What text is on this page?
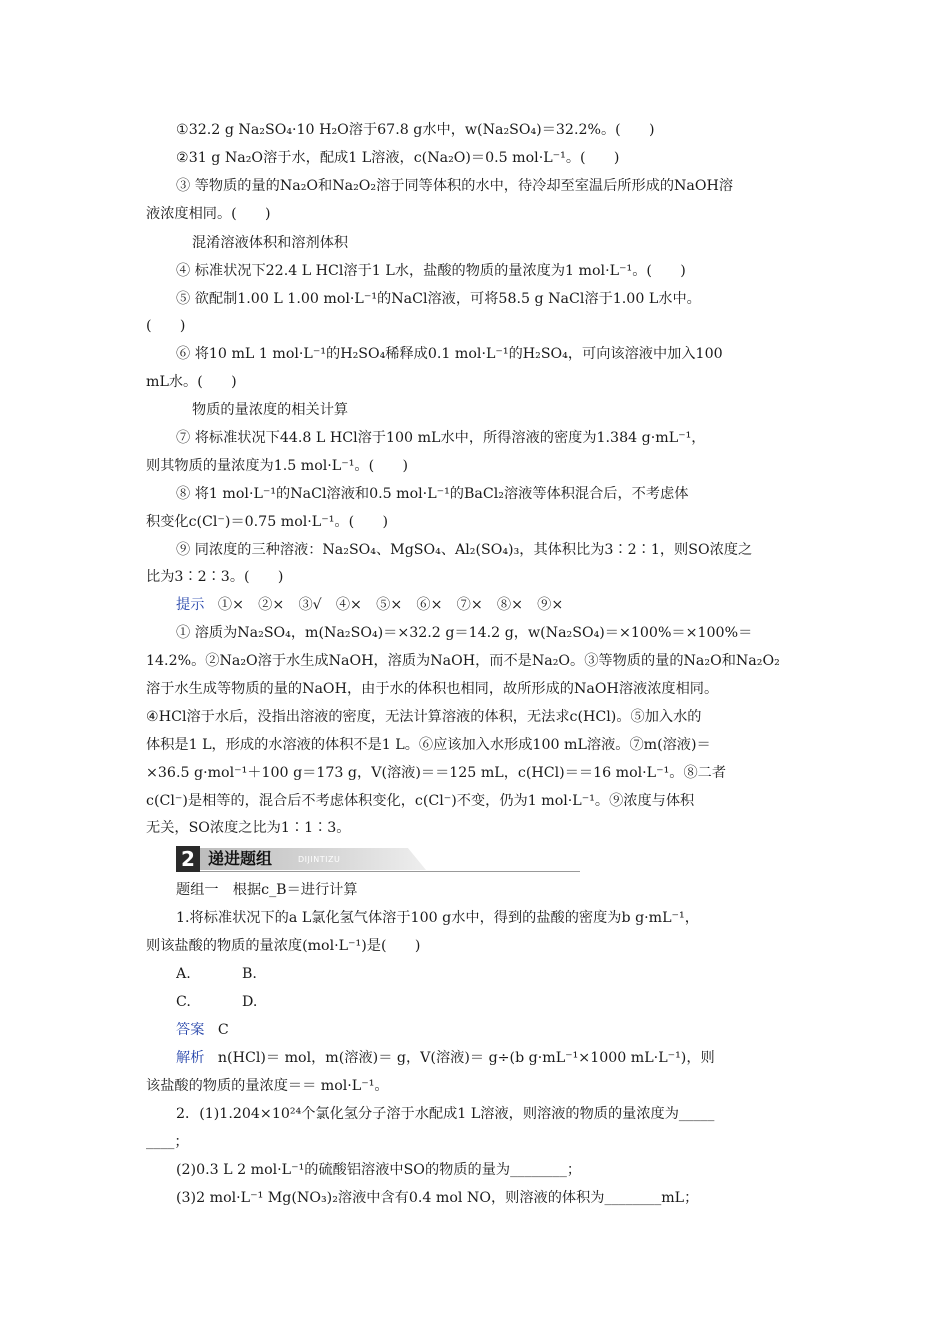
①32.2 g Na₂SO₄·10 H₂O溶于67.8 g水中，w(Na₂SO₄)＝32.2%。(　　)
②31 g Na₂O溶于水，配成1 L溶液，c(Na₂O)＝0.5 mol·L⁻¹。(　　)
③ 等物质的量的Na₂O和Na₂O₂溶于同等体积的水中，待冷却至室温后所形成的NaOH溶
液浓度相同。(　　)
混淆溶液体积和溶剂体积
④ 标准状况下22.4 L HCl溶于1 L水，盐酸的物质的量浓度为1 mol·L⁻¹。(　　)
⑤ 欲配制1.00 L 1.00 mol·L⁻¹的NaCl溶液，可将58.5 g NaCl溶于1.00 L水中。
(　　)
⑥ 将10 mL 1 mol·L⁻¹的H₂SO₄稀释成0.1 mol·L⁻¹的H₂SO₄，可向该溶液中加入100
mL水。(　　)
物质的量浓度的相关计算
⑦ 将标准状况下44.8 L HCl溶于100 mL水中，所得溶液的密度为1.384 g·mL⁻¹，
则其物质的量浓度为1.5 mol·L⁻¹。(　　)
⑧ 将1 mol·L⁻¹的NaCl溶液和0.5 mol·L⁻¹的BaCl₂溶液等体积混合后，不考虑体
积变化c(Cl⁻)＝0.75 mol·L⁻¹。(　　)
⑨ 同浓度的三种溶液：Na₂SO₄、MgSO₄、Al₂(SO₄)₃，其体积比为3∶2∶1，则SO浓度之
比为3∶2∶3。(　　)
提示 ①×　②×　③√　④×　⑤×　⑥×　⑦×　⑧×　⑨×
① 溶质为Na₂SO₄，m(Na₂SO₄)＝×32.2 g＝14.2 g，w(Na₂SO₄)＝×100%＝×100%＝
14.2%。②Na₂O溶于水生成NaOH，溶质为NaOH，而不是Na₂O。③等物质的量的Na₂O和Na₂O₂
溶于水生成等物质的量的NaOH，由于水的体积也相同，故所形成的NaOH溶液浓度相同。
④HCl溶于水后，没指出溶液的密度，无法计算溶液的体积，无法求c(HCl)。⑤加入水的
体积是1 L，形成的水溶液的体积不是1 L。⑥应该加入水形成100 mL溶液。⑦m(溶液)＝
×36.5 g·mol⁻¹＋100 g＝173 g，V(溶液)＝＝125 mL，c(HCl)＝＝16 mol·L⁻¹。⑧二者
c(Cl⁻)是相等的，混合后不考虑体积变化，c(Cl⁻)不变，仍为1 mol·L⁻¹。⑨浓度与体积
无关，SO浓度之比为1∶1∶3。
2 递进题组	DIJINTIZU
题组一　根据c_B＝进行计算
1.将标准状况下的a L氯化氢气体溶于100 g水中，得到的盐酸的密度为b g·mL⁻¹，
则该盐酸的物质的量浓度(mol·L⁻¹)是(　　)
A.	B.
C.	D.
答案 C
解析 n(HCl)＝ mol，m(溶液)＝ g，V(溶液)＝ g÷(b g·mL⁻¹×1000 mL·L⁻¹)，则
该盐酸的物质的量浓度＝＝ mol·L⁻¹。
2．(1)1.204×10²⁴个氯化氢分子溶于水配成1 L溶液，则溶液的物质的量浓度为_____
____；
(2)0.3 L 2 mol·L⁻¹的硫酸铝溶液中SO的物质的量为________；
(3)2 mol·L⁻¹ Mg(NO₃)₂溶液中含有0.4 mol NO，则溶液的体积为________mL；
